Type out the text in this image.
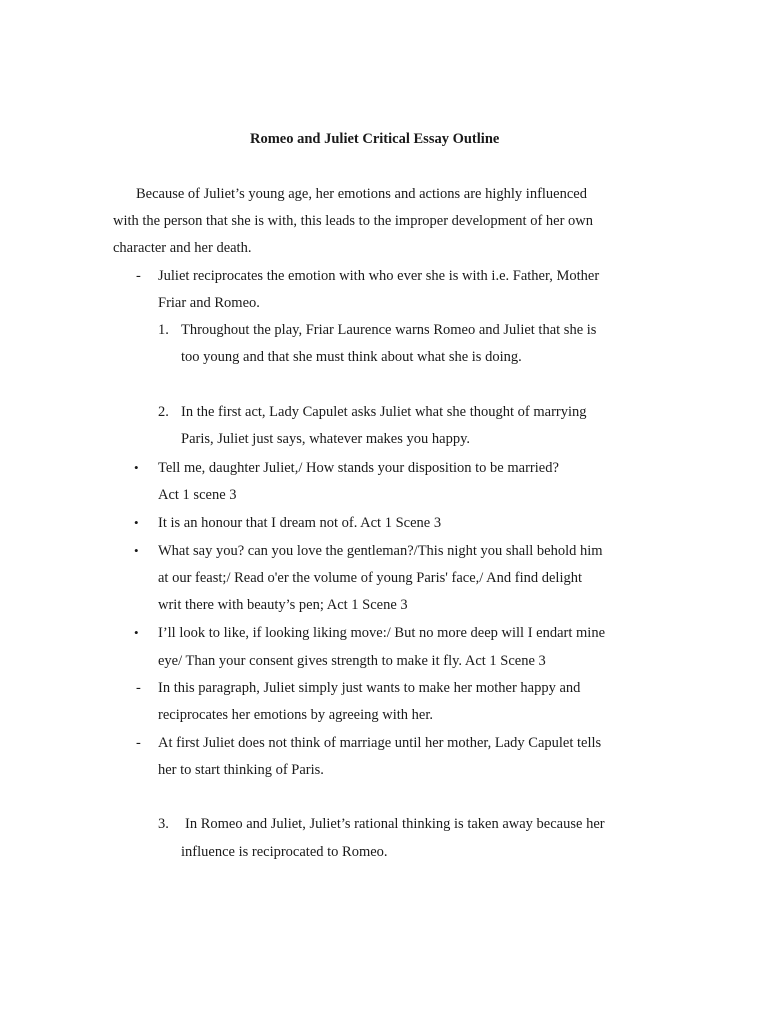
Romeo and Juliet Critical Essay Outline
Because of Juliet’s young age, her emotions and actions are highly influenced
with the person that she is with, this leads to the improper development of her own
character and her death.
- Juliet reciprocates the emotion with who ever she is with i.e. Father, Mother
Friar and Romeo.
1. Throughout the play, Friar Laurence warns Romeo and Juliet that she is
too young and that she must think about what she is doing.
2. In the first act, Lady Capulet asks Juliet what she thought of marrying
Paris, Juliet just says, whatever makes you happy.
• Tell me, daughter Juliet,/ How stands your disposition to be married?
Act 1 scene 3
• It is an honour that I dream not of. Act 1 Scene 3
• What say you? can you love the gentleman?/This night you shall behold him
at our feast;/ Read o'er the volume of young Paris' face,/ And find delight
writ there with beauty’s pen; Act 1 Scene 3
• I’ll look to like, if looking liking move:/ But no more deep will I endart mine
eye/ Than your consent gives strength to make it fly. Act 1 Scene 3
- In this paragraph, Juliet simply just wants to make her mother happy and
reciprocates her emotions by agreeing with her.
- At first Juliet does not think of marriage until her mother, Lady Capulet tells
her to start thinking of Paris.
3. In Romeo and Juliet, Juliet’s rational thinking is taken away because her
influence is reciprocated to Romeo.
